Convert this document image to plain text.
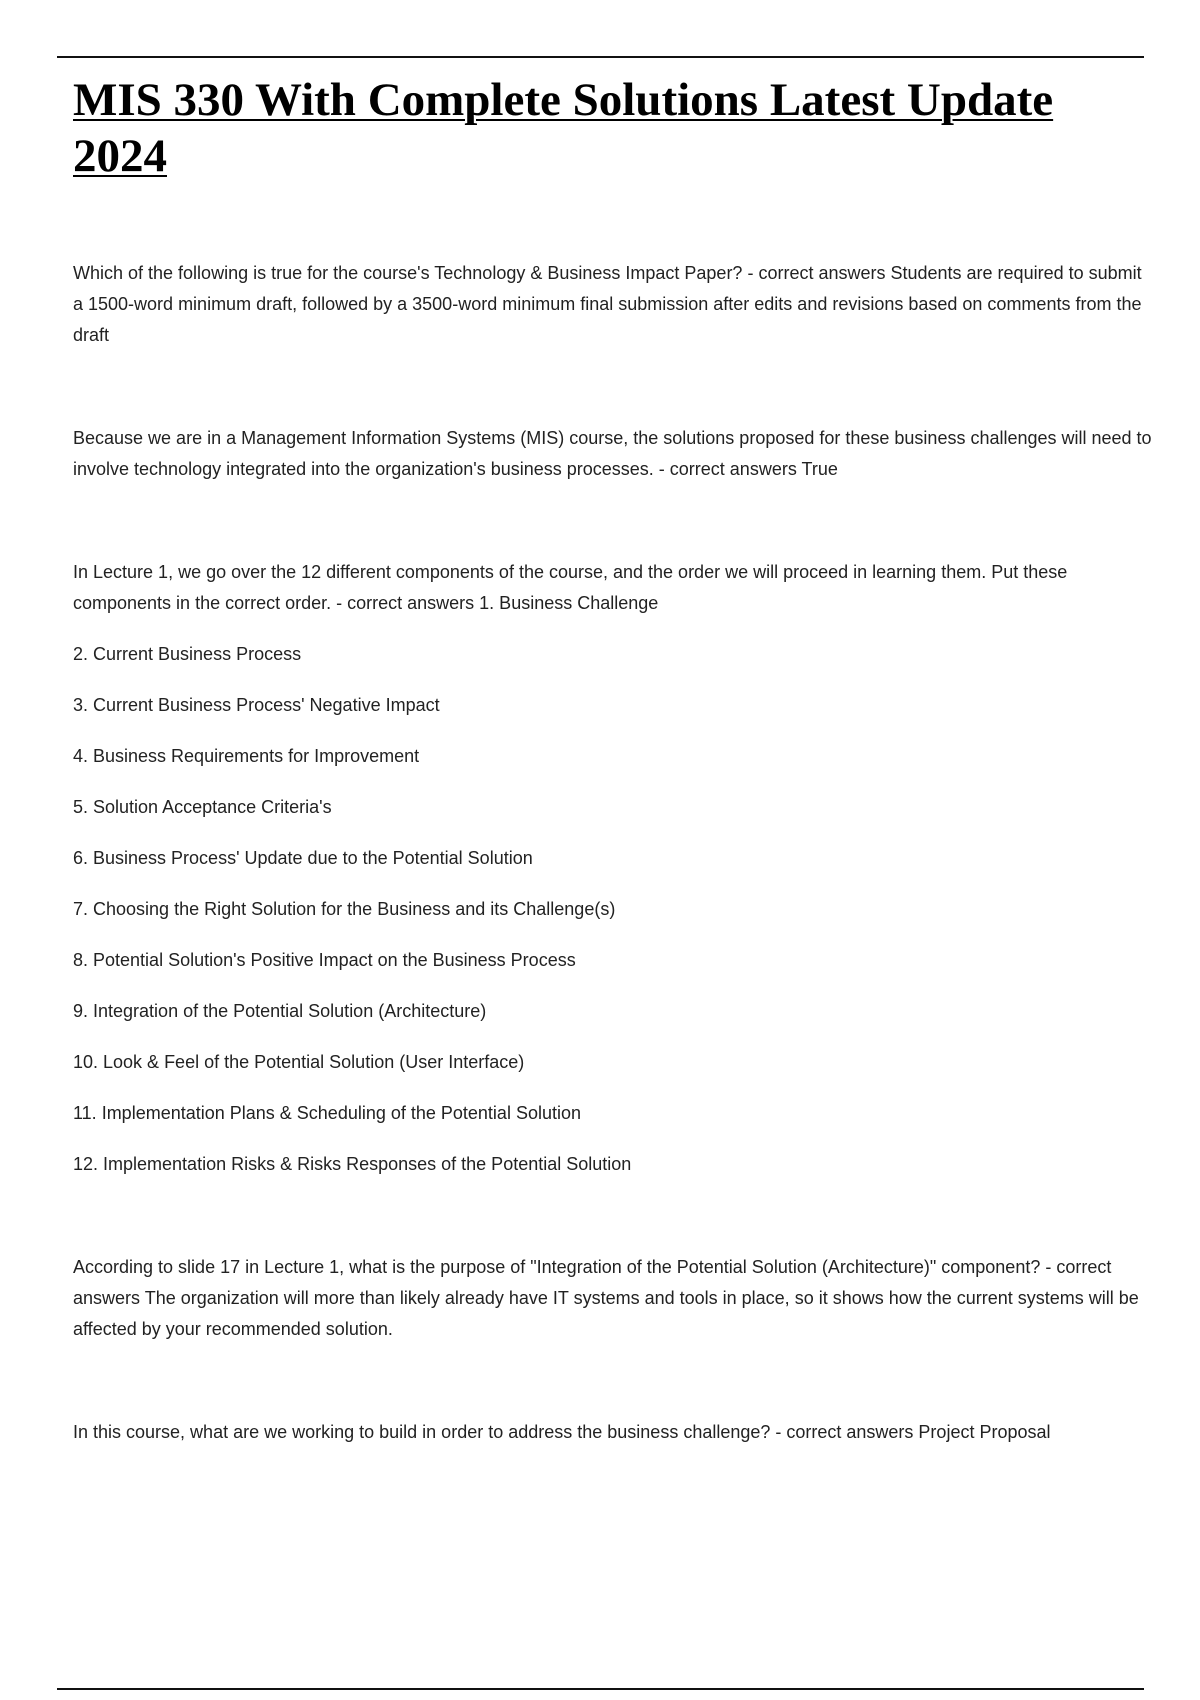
MIS 330 With Complete Solutions Latest Update 2024

Which of the following is true for the course's Technology & Business Impact Paper? - correct answers Students are required to submit a 1500-word minimum draft, followed by a 3500-word minimum final submission after edits and revisions based on comments from the draft

Because we are in a Management Information Systems (MIS) course, the solutions proposed for these business challenges will need to involve technology integrated into the organization's business processes. - correct answers True

In Lecture 1, we go over the 12 different components of the course, and the order we will proceed in learning them. Put these components in the correct order. - correct answers 1. Business Challenge

2. Current Business Process
3. Current Business Process' Negative Impact
4. Business Requirements for Improvement
5. Solution Acceptance Criteria's
6. Business Process' Update due to the Potential Solution
7. Choosing the Right Solution for the Business and its Challenge(s)
8. Potential Solution's Positive Impact on the Business Process
9. Integration of the Potential Solution (Architecture)
10. Look & Feel of the Potential Solution (User Interface)
11. Implementation Plans & Scheduling of the Potential Solution
12. Implementation Risks & Risks Responses of the Potential Solution

According to slide 17 in Lecture 1, what is the purpose of "Integration of the Potential Solution (Architecture)" component? - correct answers The organization will more than likely already have IT systems and tools in place, so it shows how the current systems will be affected by your recommended solution.

In this course, what are we working to build in order to address the business challenge? - correct answers Project Proposal
